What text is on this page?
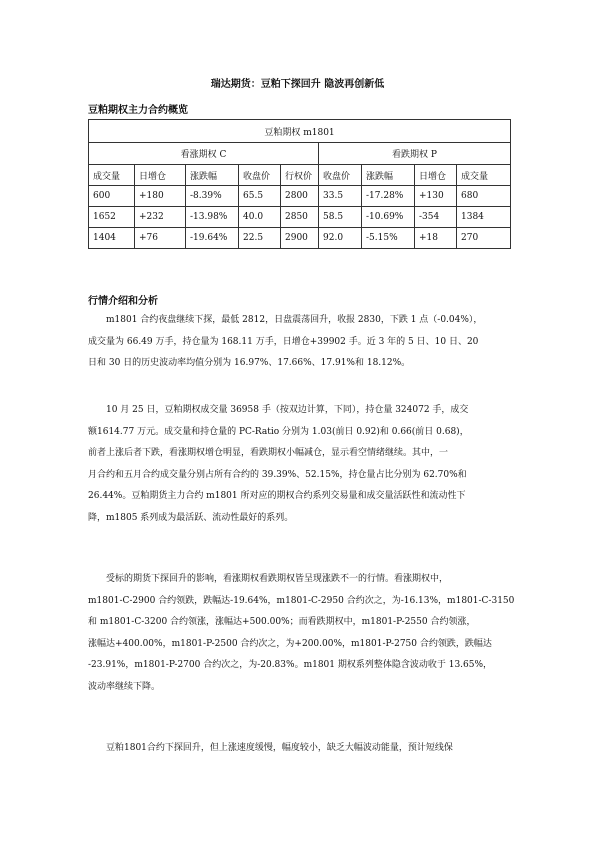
瑞达期货：豆粕下探回升 隐波再创新低
豆粕期权主力合约概览
豆粕期权 m1801								
看涨期权 C					看跌期权 P			
成交量	日增仓	涨跌幅	收盘价	行权价	收盘价	涨跌幅	日增仓	成交量
600	+180	-8.39%	65.5	2800	33.5	-17.28%	+130	680
1652	+232	-13.98%	40.0	2850	58.5	-10.69%	-354	1384
1404	+76	-19.64%	22.5	2900	92.0	-5.15%	+18	270
行情介绍和分析

　　m1801 合约夜盘继续下探，最低 2812，日盘震荡回升，收报 2830，下跌 1 点（-0.04%），

成交量为 66.49 万手，持仓量为 168.11 万手，日增仓+39902 手。近 3 年的 5 日、10 日、20

日和 30 日的历史波动率均值分别为 16.97%、17.66%、17.91%和 18.12%。

　　10 月 25 日，豆粕期权成交量 36958 手（按双边计算，下同），持仓量 324072 手，成交

额1614.77 万元。成交量和持仓量的 PC-Ratio 分别为 1.03(前日 0.92)和 0.66(前日 0.68)，

前者上涨后者下跌，看涨期权增仓明显，看跌期权小幅减仓，显示看空情绪继续。其中，一

月合约和五月合约成交量分别占所有合约的 39.39%、52.15%，持仓量占比分别为 62.70%和

26.44%。豆粕期货主力合约 m1801 所对应的期权合约系列交易量和成交量活跃性和流动性下

降，m1805 系列成为最活跃、流动性最好的系列。

　　受标的期货下探回升的影响，看涨期权看跌期权皆呈现涨跌不一的行情。看涨期权中，

m1801-C-2900 合约领跌，跌幅达-19.64%，m1801-C-2950 合约次之，为-16.13%，m1801-C-3150

和 m1801-C-3200 合约领涨，涨幅达+500.00%；而看跌期权中，m1801-P-2550 合约领涨，

涨幅达+400.00%，m1801-P-2500 合约次之，为+200.00%，m1801-P-2750 合约领跌，跌幅达

-23.91%，m1801-P-2700 合约次之，为-20.83%。m1801 期权系列整体隐含波动收于 13.65%，

波动率继续下降。

　　豆粕1801合约下探回升，但上涨速度缓慢，幅度较小，缺乏大幅波动能量，预计短线保
